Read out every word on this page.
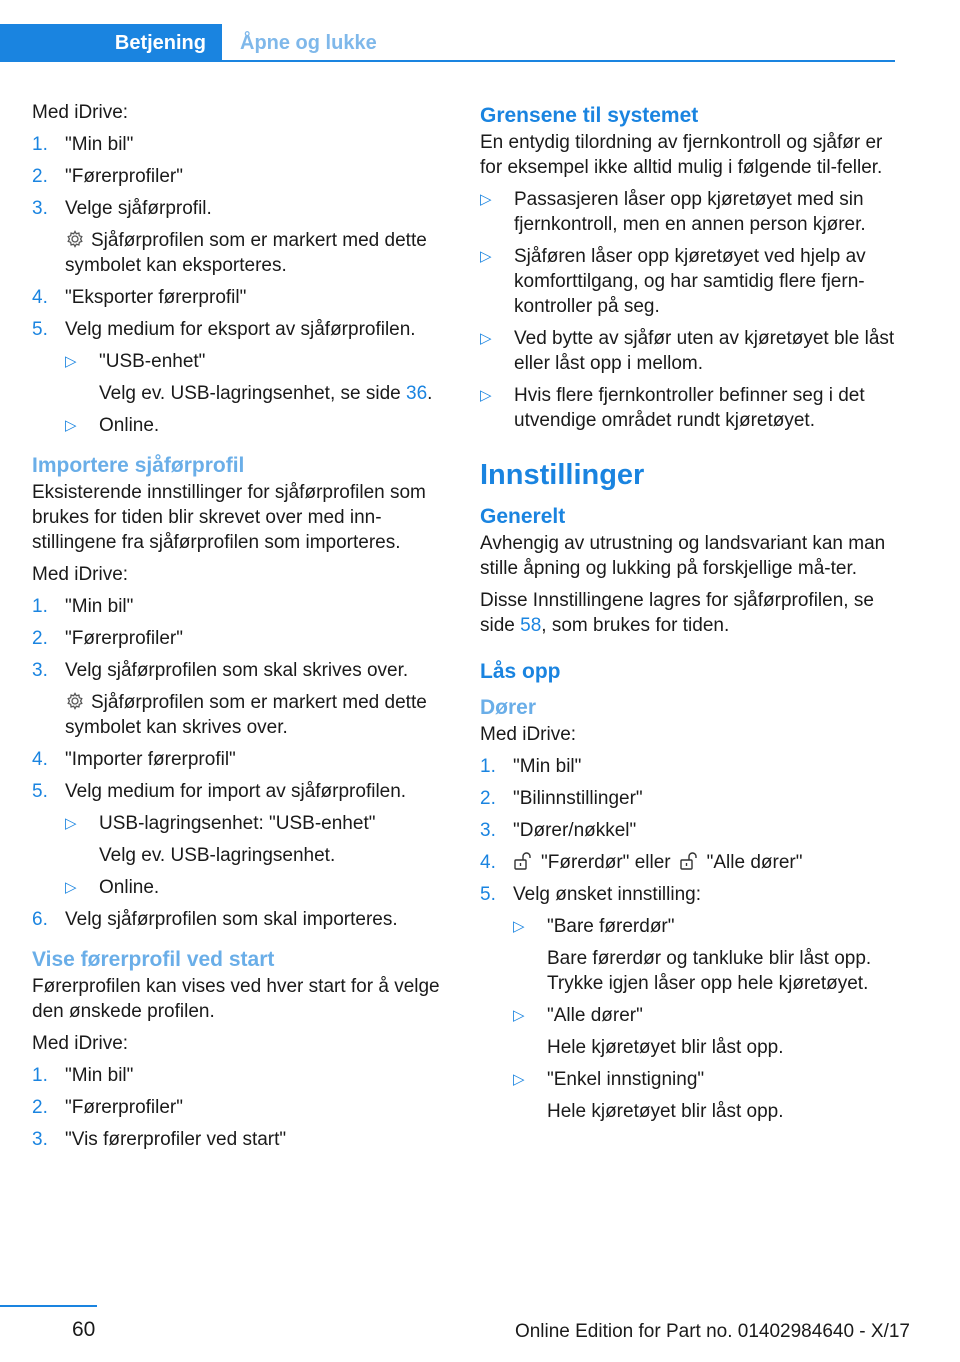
Betjening	Åpne og lukke

Med iDrive:

1. "Min bil"
2. "Førerprofiler"
3. Velge sjåførprofil.
Sjåførprofilen som er markert med dette symbolet kan eksporteres.
4. "Eksporter førerprofil"
5. Velg medium for eksport av sjåførprofilen.
▷ "USB-enhet"
Velg ev. USB-lagringsenhet, se side 36.
▷ Online.
Importere sjåførprofil

Eksisterende innstillinger for sjåførprofilen som brukes for tiden blir skrevet over med inn-stillingene fra sjåførprofilen som importeres.

Med iDrive:

1. "Min bil"
2. "Førerprofiler"
3. Velg sjåførprofilen som skal skrives over.
Sjåførprofilen som er markert med dette symbolet kan skrives over.
4. "Importer førerprofil"
5. Velg medium for import av sjåførprofilen.
▷ USB-lagringsenhet: "USB-enhet"
Velg ev. USB-lagringsenhet.
▷ Online.
6. Velg sjåførprofilen som skal importeres.
Vise førerprofil ved start

Førerprofilen kan vises ved hver start for å velge den ønskede profilen.

Med iDrive:

1. "Min bil"
2. "Førerprofiler"
3. "Vis førerprofiler ved start"
Grensene til systemet

En entydig tilordning av fjernkontroll og sjåfør er for eksempel ikke alltid mulig i følgende til-feller.

▷ Passasjeren låser opp kjøretøyet med sin fjernkontroll, men en annen person kjører.
▷ Sjåføren låser opp kjøretøyet ved hjelp av komforttilgang, og har samtidig flere fjern-kontroller på seg.
▷ Ved bytte av sjåfør uten av kjøretøyet ble låst eller låst opp i mellom.
▷ Hvis flere fjernkontroller befinner seg i det utvendige området rundt kjøretøyet.
Innstillinger
Generelt

Avhengig av utrustning og landsvariant kan man stille åpning og lukking på forskjellige må-ter.

Disse Innstillingene lagres for sjåførprofilen, se side 58, som brukes for tiden.

Lås opp
Dører

Med iDrive:

1. "Min bil"
2. "Bilinnstillinger"
3. "Dører/nøkkel"
4. "Førerdør" eller "Alle dører"
5. Velg ønsket innstilling:
▷ "Bare førerdør"
Bare førerdør og tankluke blir låst opp. Trykke igjen låser opp hele kjøretøyet.
▷ "Alle dører"
Hele kjøretøyet blir låst opp.
▷ "Enkel innstigning"
Hele kjøretøyet blir låst opp.
60	Online Edition for Part no. 01402984640 - X/17
